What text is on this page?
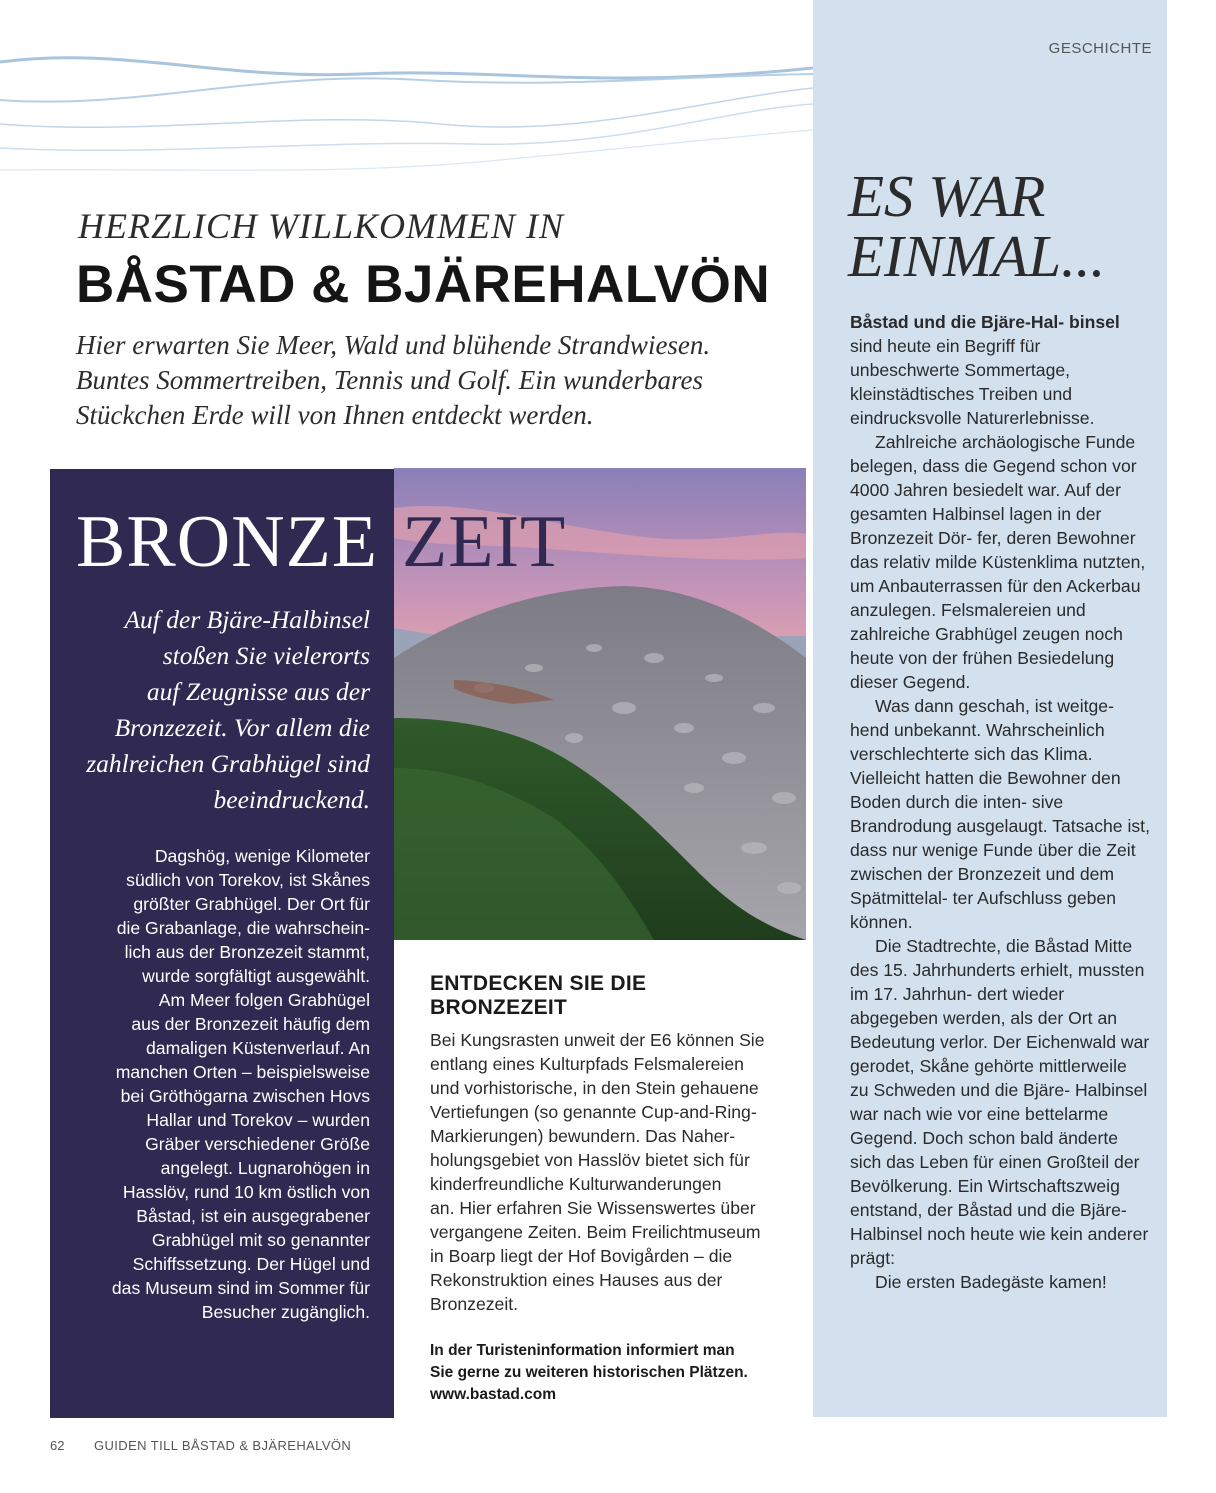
GESCHICHTE
ES WAR
EINMAL...

Båstad und die Bjäre-Hal- binsel sind heute ein Begriff für unbeschwerte Sommertage, kleinstädtisches Treiben und eindrucksvolle Naturerlebnisse.

Zahlreiche archäologische Funde belegen, dass die Gegend schon vor 4000 Jahren besiedelt war. Auf der gesamten Halbinsel lagen in der Bronzezeit Dör- fer, deren Bewohner das relativ milde Küstenklima nutzten, um Anbauterrassen für den Ackerbau anzulegen. Felsmalereien und zahlreiche Grabhügel zeugen noch heute von der frühen Besiedelung dieser Gegend.

Was dann geschah, ist weitge- hend unbekannt. Wahrscheinlich verschlechterte sich das Klima. Vielleicht hatten die Bewohner den Boden durch die inten- sive Brandrodung ausgelaugt. Tatsache ist, dass nur wenige Funde über die Zeit zwischen der Bronzezeit und dem Spätmittelal- ter Aufschluss geben können.

Die Stadtrechte, die Båstad Mitte des 15. Jahrhunderts erhielt, mussten im 17. Jahrhun- dert wieder abgegeben werden, als der Ort an Bedeutung verlor. Der Eichenwald war gerodet, Skåne gehörte mittlerweile zu Schweden und die Bjäre- Halbinsel war nach wie vor eine bettelarme Gegend. Doch schon bald änderte sich das Leben für einen Großteil der Bevölkerung. Ein Wirtschaftszweig entstand, der Båstad und die Bjäre- Halbinsel noch heute wie kein anderer prägt:

Die ersten Badegäste kamen!

HERZLICH WILLKOMMEN IN
BÅSTAD & BJÄREHALVÖN
Hier erwarten Sie Meer, Wald und blühende Strandwiesen.
Buntes Sommertreiben, Tennis und Golf. Ein wunderbares
Stückchen Erde will von Ihnen entdeckt werden.
BRONZE ZEIT
Auf der Bjäre-Halbinsel
stoßen Sie vielerorts
auf Zeugnisse aus der
Bronzezeit. Vor allem die
zahlreichen Grabhügel sind
beeindruckend.
Dagshög, wenige Kilometer
südlich von Torekov, ist Skånes
größter Grabhügel. Der Ort für
die Grabanlage, die wahrschein-
lich aus der Bronzezeit stammt,
wurde sorgfältigt ausgewählt.
Am Meer folgen Grabhügel
aus der Bronzezeit häufig dem
damaligen Küstenverlauf. An
manchen Orten – beispielsweise
bei Gröthögarna zwischen Hovs
Hallar und Torekov – wurden
Gräber verschiedener Größe
angelegt. Lugnarohögen in
Hasslöv, rund 10 km östlich von
Båstad, ist ein ausgegrabener
Grabhügel mit so genannter
Schiffssetzung. Der Hügel und
das Museum sind im Sommer für
Besucher zugänglich.
ENTDECKEN SIE DIE
BRONZEZEIT
Bei Kungsrasten unweit der E6 können Sie
entlang eines Kulturpfads Felsmalereien
und vorhistorische, in den Stein gehauene
Vertiefungen (so genannte Cup-and-Ring-
Markierungen) bewundern. Das Naher-
holungsgebiet von Hasslöv bietet sich für
kinderfreundliche Kulturwanderungen
an. Hier erfahren Sie Wissenswertes über
vergangene Zeiten. Beim Freilichtmuseum
in Boarp liegt der Hof Bovigården – die
Rekonstruktion eines Hauses aus der
Bronzezeit.
In der Turisteninformation informiert man
Sie gerne zu weiteren historischen Plätzen.
www.bastad.com
62 GUIDEN TILL BÅSTAD & BJÄREHALVÖN
